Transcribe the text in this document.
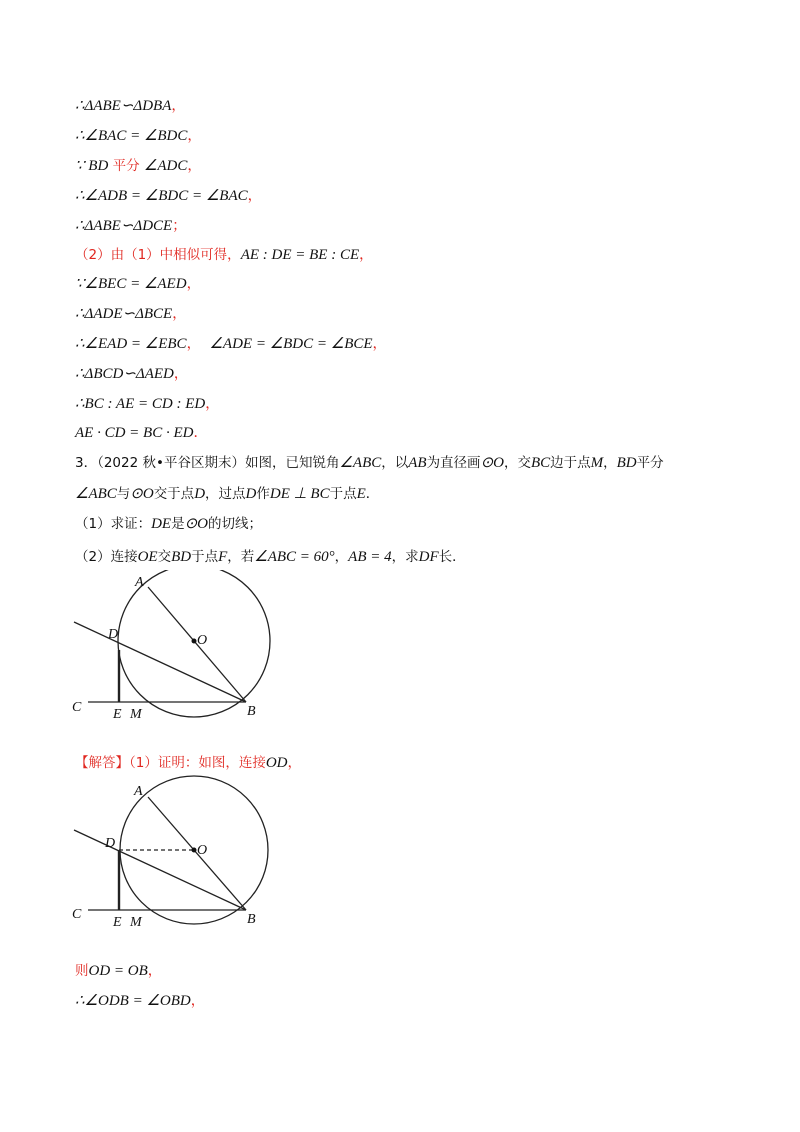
∴ΔABE∽ΔDBA，
∴∠BAC = ∠BDC，
∵ BD 平分 ∠ADC，
∴∠ADB = ∠BDC = ∠BAC，
∴ΔABE∽ΔDCE；
（2）由（1）中相似可得，AE : DE = BE : CE，
∵∠BEC = ∠AED，
∴ΔADE∽ΔBCE，
∴∠EAD = ∠EBC， ∠ADE = ∠BDC = ∠BCE，
∴ΔBCD∽ΔAED，
∴BC : AE = CD : ED，
AE · CD = BC · ED．
3．（2022 秋•平谷区期末）如图，已知锐角∠ABC，以AB为直径画⊙O，交BC边于点M，BD平分
∠ABC与⊙O交于点D，过点D作DE ⊥ BC于点E．
（1）求证：DE是⊙O的切线；
（2）连接OE交BD于点F，若∠ABC = 60°，AB = 4，求DF长．
A
O
D
C E M	B
【解答】（1）证明：如图，连接OD，
A
O
D
C
E M	B
则OD = OB，
∴∠ODB = ∠OBD，
